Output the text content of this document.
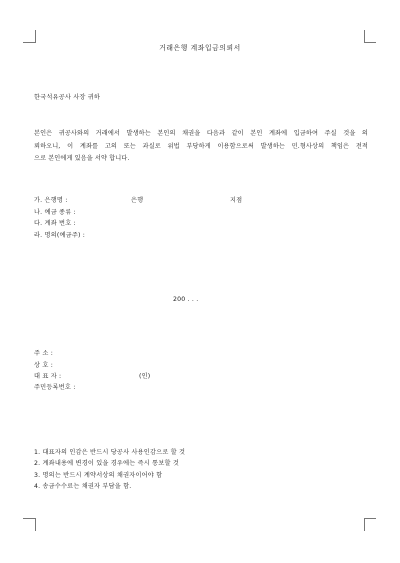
거래은행 계좌입금의뢰서
한국석유공사 사장 귀하
본인은 귀공사와의 거래에서 발생하는 본인의 채권을 다음과 같이 본인 계좌에 입금하여 주실 것을 의
뢰하오니, 이 계좌를 고의 또는 과실로 위법 부당하게 이용함으로써 발생하는 민.형사상의 책임은 전적
으로 본인에게 있음을 서약 합니다.
가. 은행명 :	은행	지점
나. 예금 종류 :
다. 계좌 번호 :
라. 명의(예금주) :
200 . . .
주 소 :
상 호 :
대 표 자 :	(인)
주민등록번호 :
1. 대표자의 인감은 반드시 당공사 사용인감으로 할 것
2. 계좌내용에 변경이 있을 경우에는 즉시 통보할 것
3. 명의는 반드시 계약서상의 채권자이어야 함
4. 송금수수료는 채권자 부담을 함.
